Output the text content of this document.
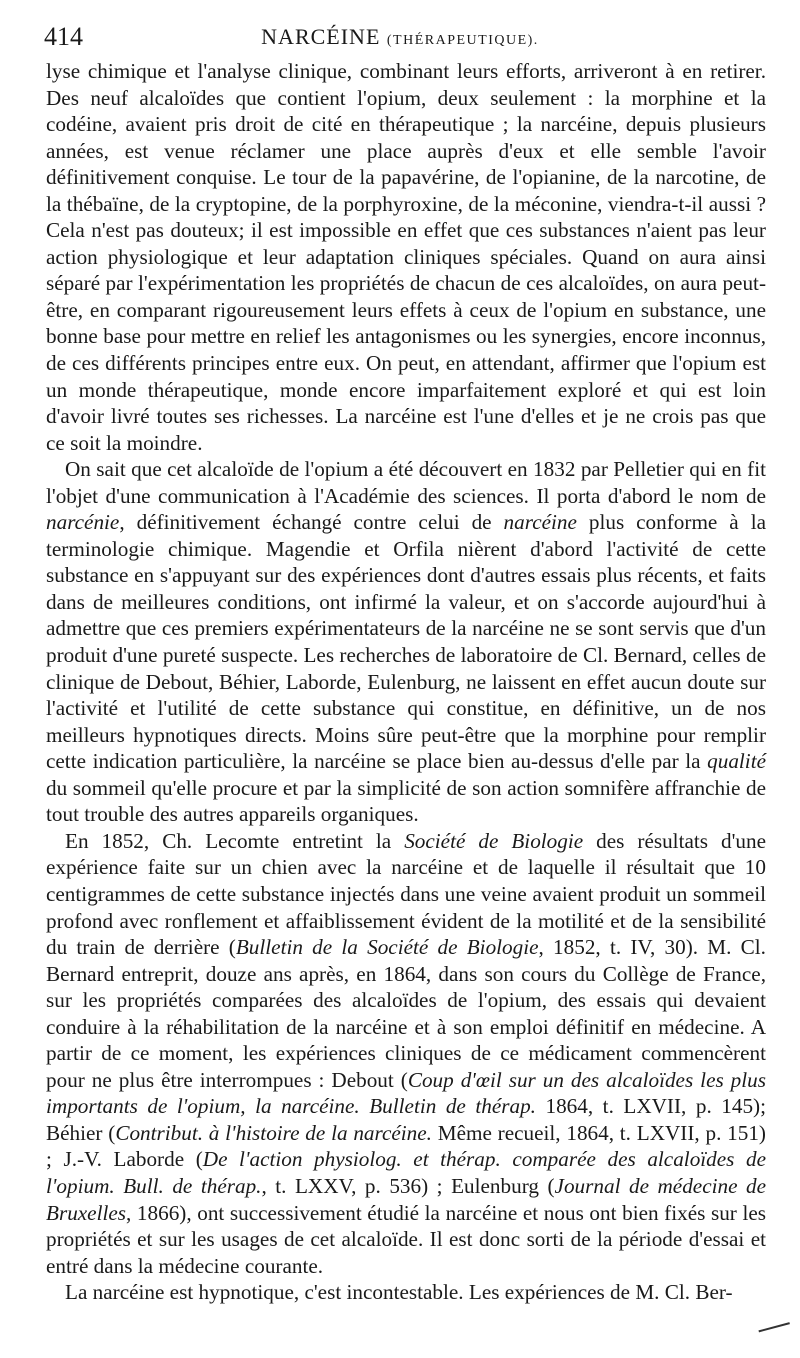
414	NARCÉINE (THÉRAPEUTIQUE).

lyse chimique et l'analyse clinique, combinant leurs efforts, arriveront à en retirer. Des neuf alcaloïdes que contient l'opium, deux seulement : la morphine et la codéine, avaient pris droit de cité en thérapeutique ; la narcéine, depuis plusieurs années, est venue réclamer une place auprès d'eux et elle semble l'avoir définitivement conquise. Le tour de la papavérine, de l'opianine, de la narcotine, de la thébaïne, de la cryptopine, de la porphyroxine, de la méconine, viendra-t-il aussi ? Cela n'est pas douteux; il est impossible en effet que ces substances n'aient pas leur action physiologique et leur adaptation cliniques spéciales. Quand on aura ainsi séparé par l'expérimentation les propriétés de chacun de ces alcaloïdes, on aura peut-être, en comparant rigoureusement leurs effets à ceux de l'opium en substance, une bonne base pour mettre en relief les antagonismes ou les synergies, encore inconnus, de ces différents principes entre eux. On peut, en attendant, affirmer que l'opium est un monde thérapeutique, monde encore imparfaitement exploré et qui est loin d'avoir livré toutes ses richesses. La narcéine est l'une d'elles et je ne crois pas que ce soit la moindre.

On sait que cet alcaloïde de l'opium a été découvert en 1832 par Pelletier qui en fit l'objet d'une communication à l'Académie des sciences. Il porta d'abord le nom de narcénie, définitivement échangé contre celui de narcéine plus conforme à la terminologie chimique. Magendie et Orfila nièrent d'abord l'activité de cette substance en s'appuyant sur des expériences dont d'autres essais plus récents, et faits dans de meilleures conditions, ont infirmé la valeur, et on s'accorde aujourd'hui à admettre que ces premiers expérimentateurs de la narcéine ne se sont servis que d'un produit d'une pureté suspecte. Les recherches de laboratoire de Cl. Bernard, celles de clinique de Debout, Béhier, Laborde, Eulenburg, ne laissent en effet aucun doute sur l'activité et l'utilité de cette substance qui constitue, en définitive, un de nos meilleurs hypnotiques directs. Moins sûre peut-être que la morphine pour remplir cette indication particulière, la narcéine se place bien au-dessus d'elle par la qualité du sommeil qu'elle procure et par la simplicité de son action somnifère affranchie de tout trouble des autres appareils organiques.

En 1852, Ch. Lecomte entretint la Société de Biologie des résultats d'une expérience faite sur un chien avec la narcéine et de laquelle il résultait que 10 centigrammes de cette substance injectés dans une veine avaient produit un sommeil profond avec ronflement et affaiblissement évident de la motilité et de la sensibilité du train de derrière (Bulletin de la Société de Biologie, 1852, t. IV, 30). M. Cl. Bernard entreprit, douze ans après, en 1864, dans son cours du Collège de France, sur les propriétés comparées des alcaloïdes de l'opium, des essais qui devaient conduire à la réhabilitation de la narcéine et à son emploi définitif en médecine. A partir de ce moment, les expériences cliniques de ce médicament commencèrent pour ne plus être interrompues : Debout (Coup d'œil sur un des alcaloïdes les plus importants de l'opium, la narcéine. Bulletin de thérap. 1864, t. LXVII, p. 145); Béhier (Contribut. à l'histoire de la narcéine. Même recueil, 1864, t. LXVII, p. 151) ; J.-V. Laborde (De l'action physiolog. et thérap. comparée des alcaloïdes de l'opium. Bull. de thérap., t. LXXV, p. 536) ; Eulenburg (Journal de médecine de Bruxelles, 1866), ont successivement étudié la narcéine et nous ont bien fixés sur les propriétés et sur les usages de cet alcaloïde. Il est donc sorti de la période d'essai et entré dans la médecine courante.

La narcéine est hypnotique, c'est incontestable. Les expériences de M. Cl. Ber-
